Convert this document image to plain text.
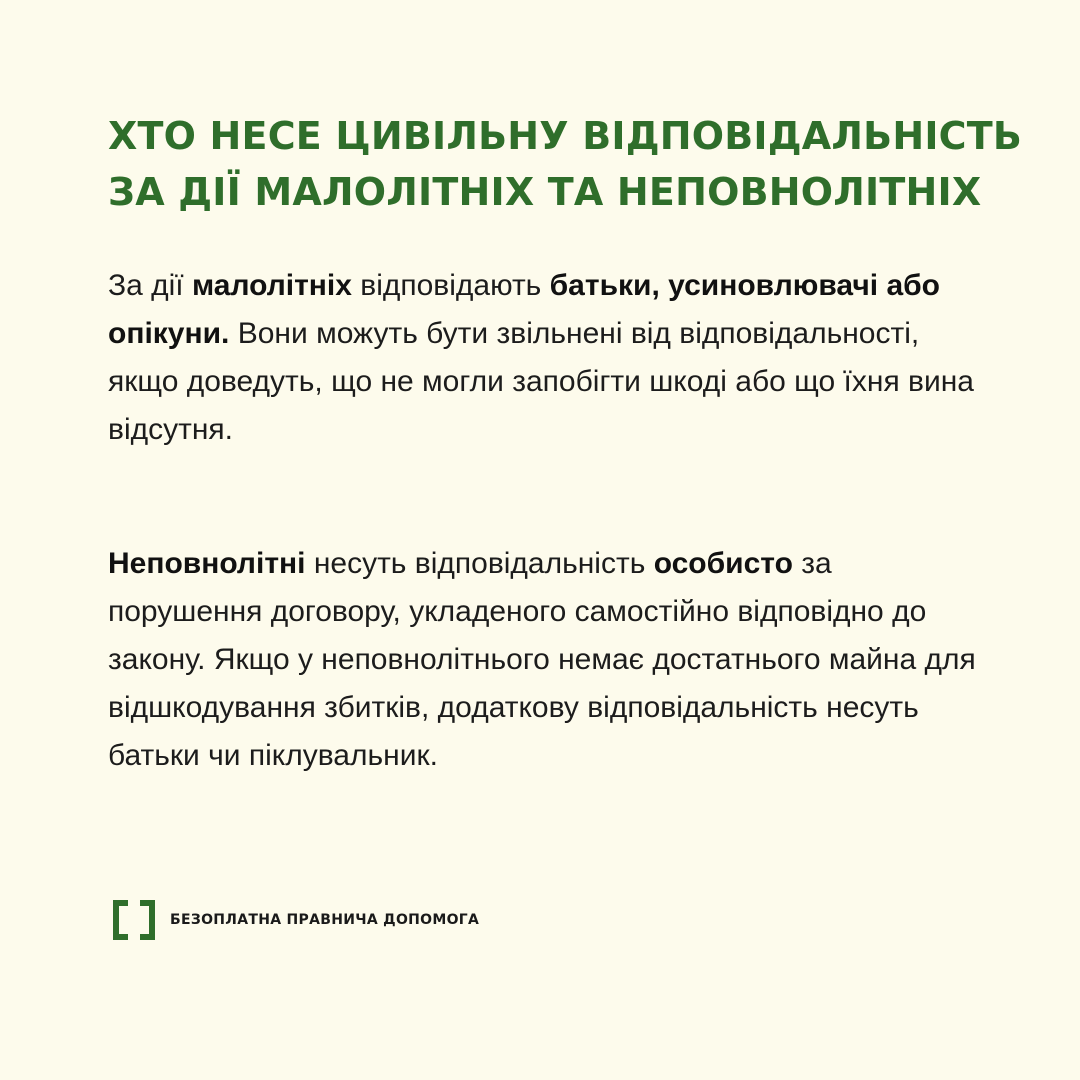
ХТО НЕСЕ ЦИВІЛЬНУ ВІДПОВІДАЛЬНІСТЬ
ЗА ДІЇ МАЛОЛІТНІХ ТА НЕПОВНОЛІТНІХ

За дії малолітніх відповідають батьки, усиновлювачі або опікуни. Вони можуть бути звільнені від відповідальності, якщо доведуть, що не могли запобігти шкоді або що їхня вина відсутня.

Неповнолітні несуть відповідальність особисто за порушення договору, укладеного самостійно відповідно до закону. Якщо у неповнолітнього немає достатнього майна для відшкодування збитків, додаткову відповідальність несуть батьки чи піклувальник.

БЕЗОПЛАТНА ПРАВНИЧА ДОПОМОГА
